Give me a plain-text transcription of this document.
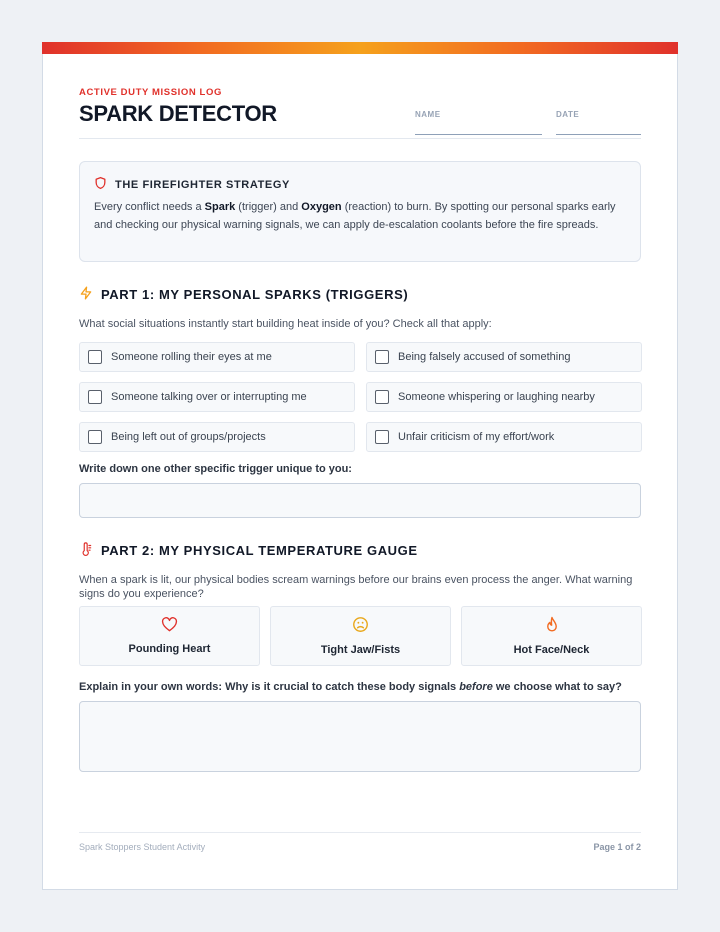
ACTIVE DUTY MISSION LOG
SPARK DETECTOR	NAME	DATE
THE FIREFIGHTER STRATEGY
Every conflict needs a Spark (trigger) and Oxygen (reaction) to burn. By spotting our personal sparks early and checking our physical warning signals, we can apply de-escalation coolants before the fire spreads.
PART 1: MY PERSONAL SPARKS (TRIGGERS)
What social situations instantly start building heat inside of you? Check all that apply:
Someone rolling their eyes at me	Being falsely accused of something
Someone talking over or interrupting me	Someone whispering or laughing nearby
Being left out of groups/projects	Unfair criticism of my effort/work
Write down one other specific trigger unique to you:
PART 2: MY PHYSICAL TEMPERATURE GAUGE
When a spark is lit, our physical bodies scream warnings before our brains even process the anger. What warning signs do you experience?
Pounding Heart	Tight Jaw/Fists	Hot Face/Neck
Explain in your own words: Why is it crucial to catch these body signals before we choose what to say?
Spark Stoppers Student Activity	Page 1 of 2
